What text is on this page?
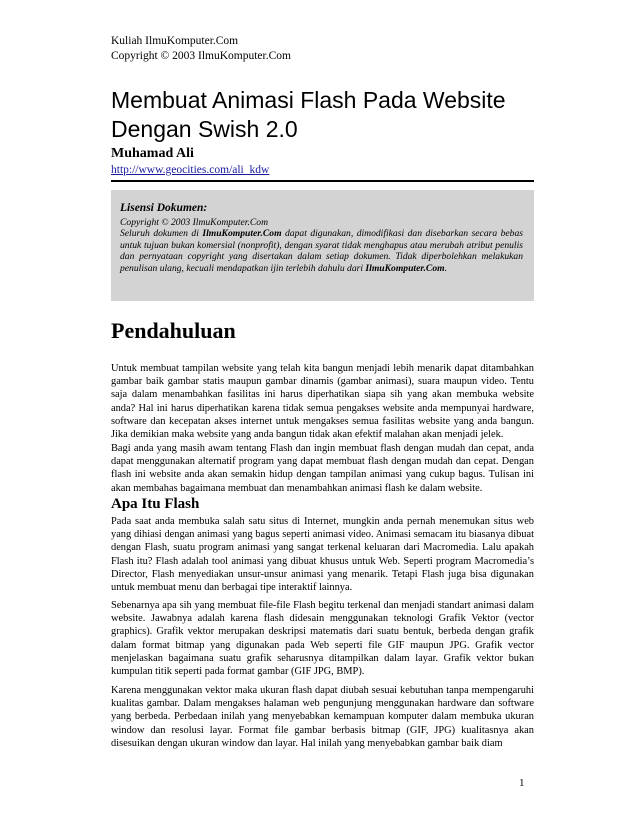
Kuliah IlmuKomputer.Com
Copyright © 2003 IlmuKomputer.Com
Membuat Animasi Flash Pada Website Dengan Swish 2.0
Muhamad Ali
http://www.geocities.com/ali_kdw
Lisensi Dokumen:
Copyright © 2003 IlmuKomputer.Com
Seluruh dokumen di IlmuKomputer.Com dapat digunakan, dimodifikasi dan disebarkan secara bebas untuk tujuan bukan komersial (nonprofit), dengan syarat tidak menghapus atau merubah atribut penulis dan pernyataan copyright yang disertakan dalam setiap dokumen. Tidak diperbolehkan melakukan penulisan ulang, kecuali mendapatkan ijin terlebih dahulu dari IlmuKomputer.Com.
Pendahuluan

Untuk membuat tampilan website yang telah kita bangun menjadi lebih menarik dapat ditambahkan gambar baik gambar statis maupun gambar dinamis (gambar animasi), suara maupun video. Tentu saja dalam menambahkan fasilitas ini harus diperhatikan siapa sih yang akan membuka website anda? Hal ini harus diperhatikan karena tidak semua pengakses website anda mempunyai hardware, software dan kecepatan akses internet untuk mengakses semua fasilitas website yang anda bangun. Jika demikian maka website yang anda bangun tidak akan efektif malahan akan menjadi jelek.

Bagi anda yang masih awam tentang Flash dan ingin membuat flash dengan mudah dan cepat, anda dapat menggunakan alternatif program yang dapat membuat flash dengan mudah dan cepat. Dengan flash ini website anda akan semakin hidup dengan tampilan animasi yang cukup bagus. Tulisan ini akan membahas bagaimana membuat dan menambahkan animasi flash ke dalam website.

Apa Itu Flash

Pada saat anda membuka salah satu situs di Internet, mungkin anda pernah menemukan situs web yang dihiasi dengan animasi yang bagus seperti animasi video. Animasi semacam itu biasanya dibuat dengan Flash, suatu program animasi yang sangat terkenal keluaran dari Macromedia. Lalu apakah Flash itu? Flash adalah tool animasi yang dibuat khusus untuk Web. Seperti program Macromedia’s Director, Flash menyediakan unsur-unsur animasi yang menarik. Tetapi Flash juga bisa digunakan untuk membuat menu dan berbagai tipe interaktif lainnya.

Sebenarnya apa sih yang membuat file-file Flash begitu terkenal dan menjadi standart animasi dalam website. Jawabnya adalah karena flash didesain menggunakan teknologi Grafik Vektor (vector graphics). Grafik vektor merupakan deskripsi matematis dari suatu bentuk, berbeda dengan grafik dalam format bitmap yang digunakan pada Web seperti file GIF maupun JPG. Grafik vector menjelaskan bagaimana suatu grafik seharusnya ditampilkan dalam layar. Grafik vektor bukan kumpulan titik seperti pada format gambar (GIF JPG, BMP).

Karena menggunakan vektor maka ukuran flash dapat diubah sesuai kebutuhan tanpa mempengaruhi kualitas gambar. Dalam mengakses halaman web pengunjung menggunakan hardware dan software yang berbeda. Perbedaan inilah yang menyebabkan kemampuan komputer dalam membuka ukuran window dan resolusi layar. Format file gambar berbasis bitmap (GIF, JPG) kualitasnya akan disesuikan dengan ukuran window dan layar. Hal inilah yang menyebabkan gambar baik diam

1
